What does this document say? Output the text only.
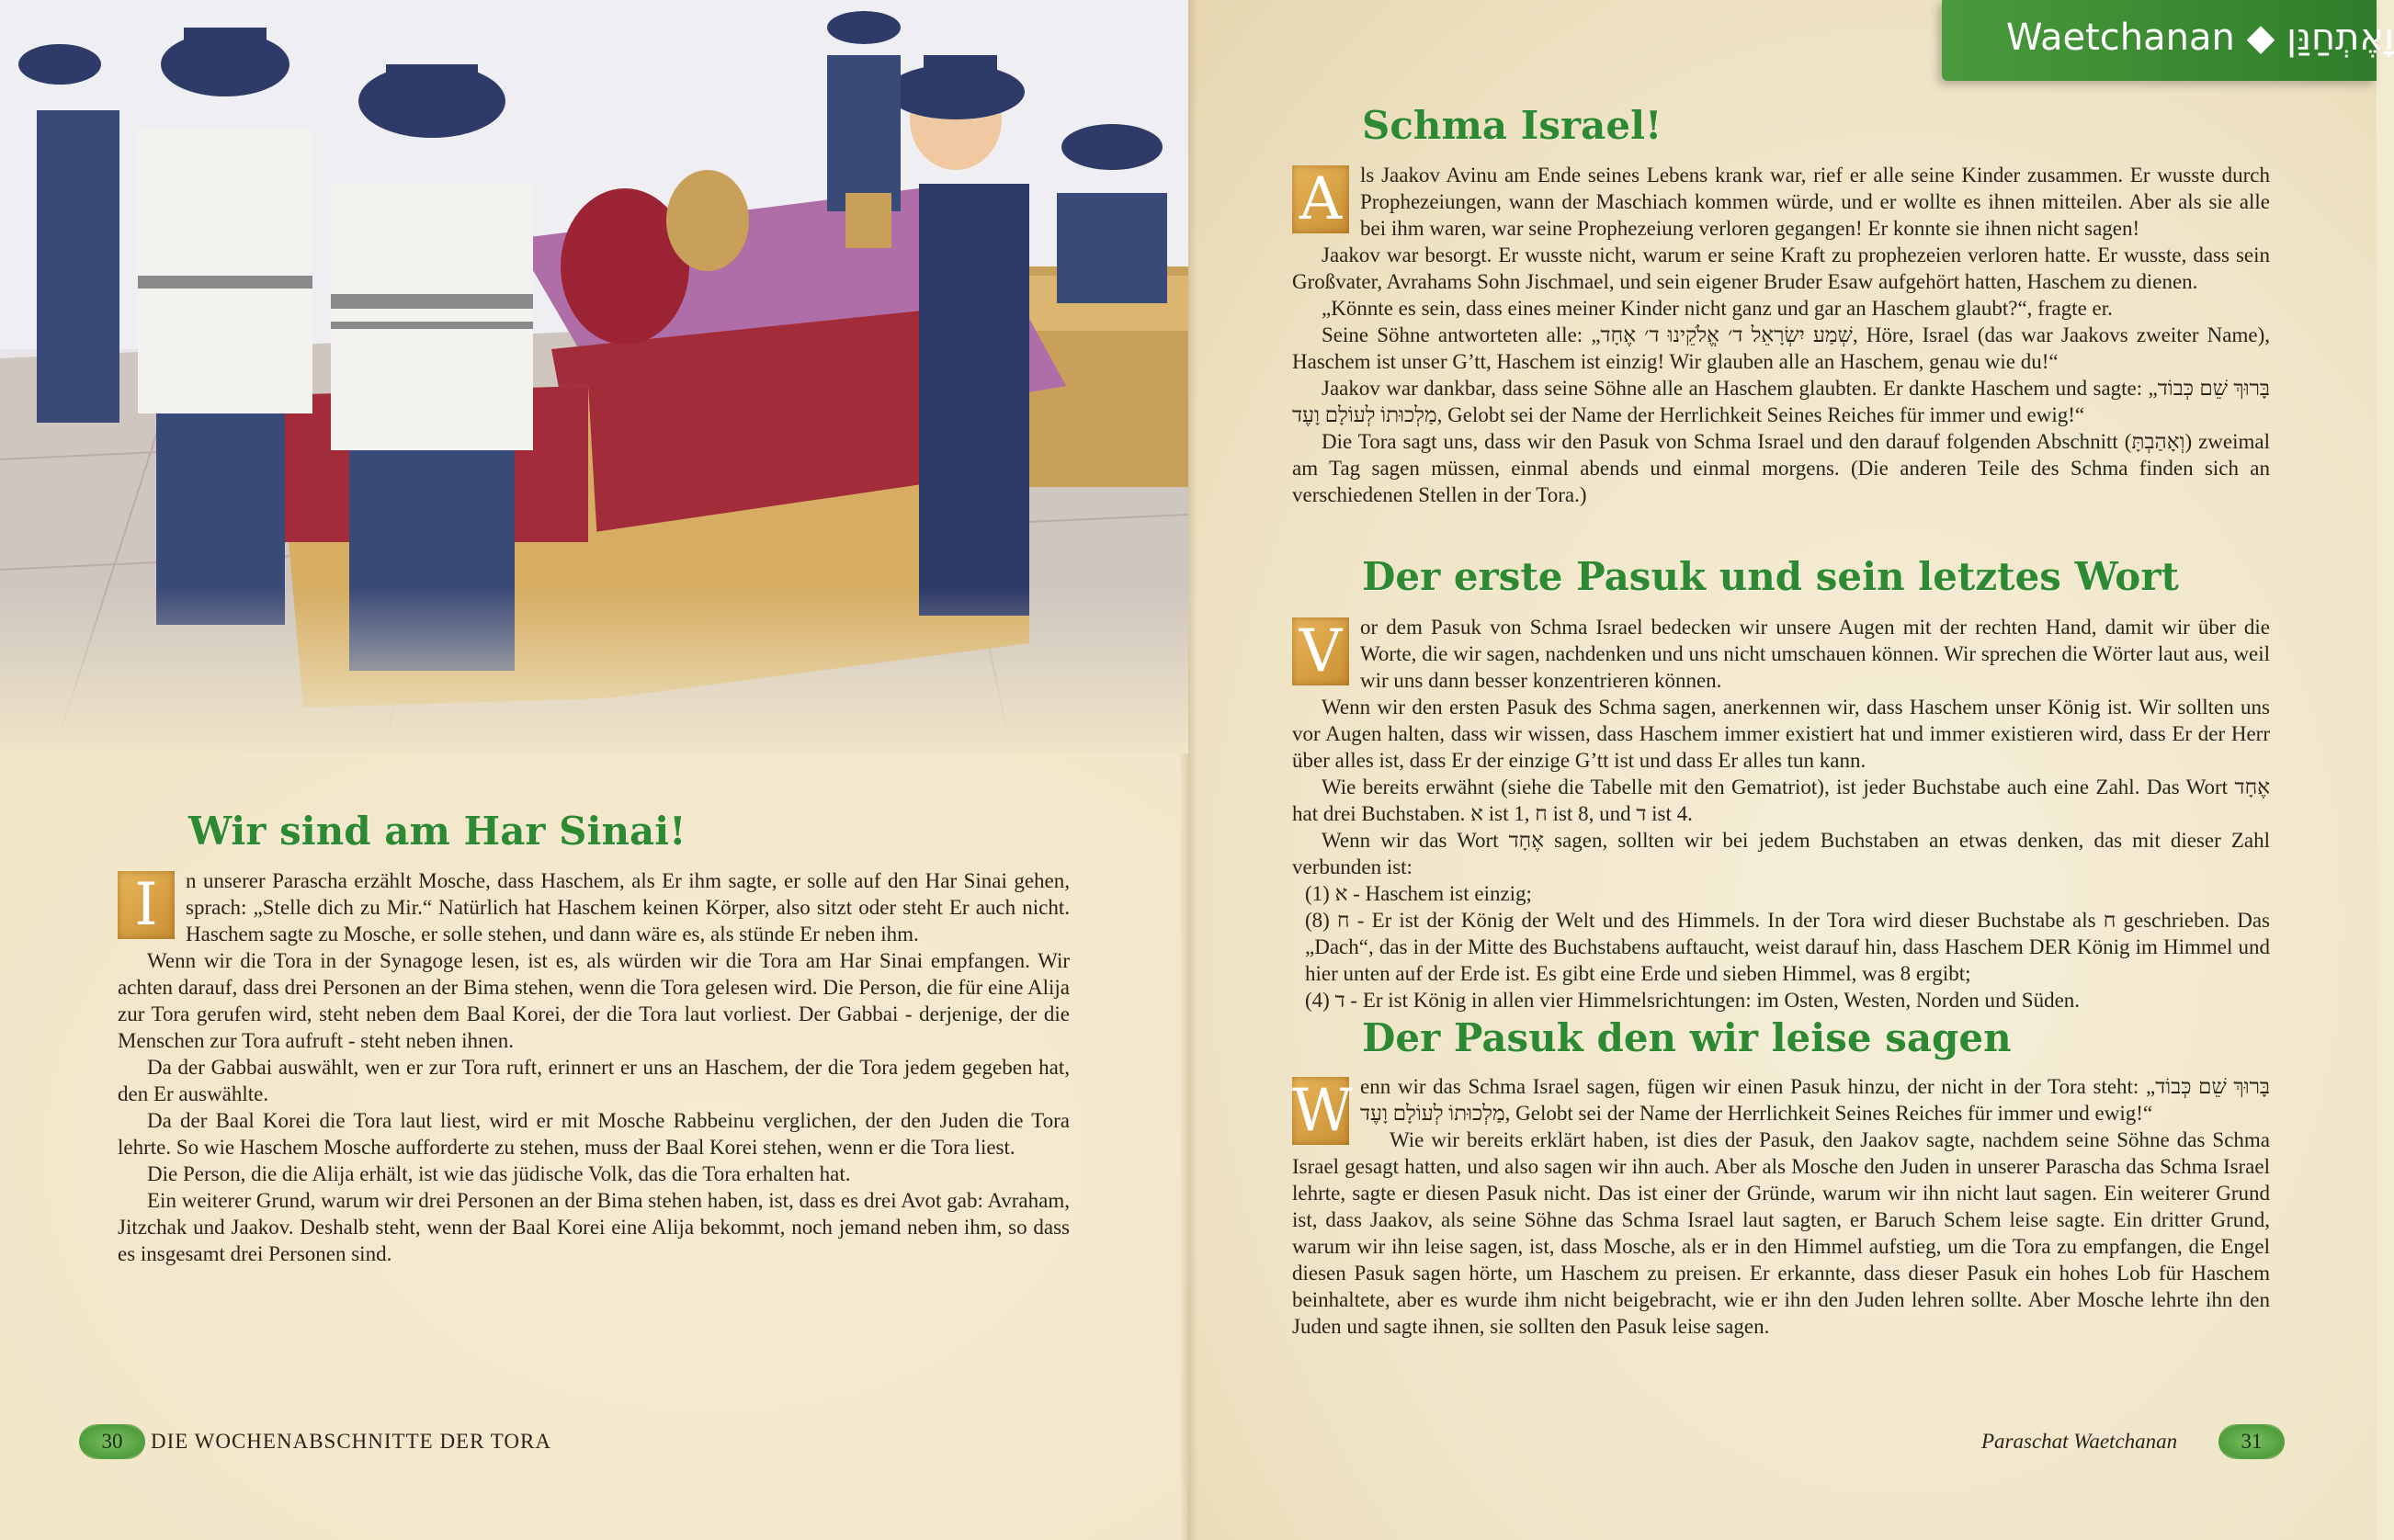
Waetchanan ◆ וָאֶתְחַנַּן
Wir sind am Har Sinai!
I	n unserer Parascha erzählt Mosche, dass Haschem, als Er ihm sagte, er solle auf den Har Sinai gehen, sprach: „Stelle dich zu Mir.“ Natürlich hat Haschem keinen Körper, also sitzt oder steht Er auch nicht. Haschem sagte zu Mosche, er solle stehen, und dann wäre es, als stünde Er neben ihm.

Wenn wir die Tora in der Synagoge lesen, ist es, als würden wir die Tora am Har Sinai empfangen. Wir achten darauf, dass drei Personen an der Bima stehen, wenn die Tora gelesen wird. Die Person, die für eine Alija zur Tora gerufen wird, steht neben dem Baal Korei, der die Tora laut vorliest. Der Gabbai - derjenige, der die Menschen zur Tora aufruft - steht neben ihnen.

Da der Gabbai auswählt, wen er zur Tora ruft, erinnert er uns an Haschem, der die Tora jedem gegeben hat, den Er auswählte.

Da der Baal Korei die Tora laut liest, wird er mit Mosche Rabbeinu verglichen, der den Juden die Tora lehrte. So wie Haschem Mosche aufforderte zu stehen, muss der Baal Korei stehen, wenn er die Tora liest.

Die Person, die die Alija erhält, ist wie das jüdische Volk, das die Tora erhalten hat.

Ein weiterer Grund, warum wir drei Personen an der Bima stehen haben, ist, dass es drei Avot gab: Avraham, Jitzchak und Jaakov. Deshalb steht, wenn der Baal Korei eine Alija bekommt, noch jemand neben ihm, so dass es insgesamt drei Personen sind.

30	DIE WOCHENABSCHNITTE DER TORA
Schma Israel!
A ls Jaakov Avinu am Ende seines Lebens krank war, rief er alle seine Kinder zusammen. Er wusste durch Prophezeiungen, wann der Maschiach kommen würde, und er wollte es ihnen mitteilen. Aber als sie alle bei ihm waren, war seine Prophezeiung verloren gegangen! Er konnte sie ihnen nicht sagen!

Jaakov war besorgt. Er wusste nicht, warum er seine Kraft zu prophezeien verloren hatte. Er wusste, dass sein Großvater, Avrahams Sohn Jischmael, und sein eigener Bruder Esaw aufgehört hatten, Haschem zu dienen.

„Könnte es sein, dass eines meiner Kinder nicht ganz und gar an Haschem glaubt?“, fragte er.

Seine Söhne antworteten alle: „שְׁמַע יִשְׂרָאֵל ד׳ אֱלֹקֵינוּ ד׳ אֶחָד, Höre, Israel (das war Jaakovs zweiter Name), Haschem ist unser G’tt, Haschem ist einzig! Wir glauben alle an Haschem, genau wie du!“

Jaakov war dankbar, dass seine Söhne alle an Haschem glaubten. Er dankte Haschem und sagte: „בָּרוּךְ שֵׁם כְּבוֹד מַלְכוּתוֹ לְעוֹלָם וָעֶד, Gelobt sei der Name der Herrlichkeit Seines Reiches für immer und ewig!“

Die Tora sagt uns, dass wir den Pasuk von Schma Israel und den darauf folgenden Abschnitt (וְאָהַבְתָּ) zweimal am Tag sagen müssen, einmal abends und einmal morgens. (Die anderen Teile des Schma finden sich an verschiedenen Stellen in der Tora.)

Der erste Pasuk und sein letztes Wort
V or dem Pasuk von Schma Israel bedecken wir unsere Augen mit der rechten Hand, damit wir über die Worte, die wir sagen, nachdenken und uns nicht umschauen können. Wir sprechen die Wörter laut aus, weil wir uns dann besser konzentrieren können.

Wenn wir den ersten Pasuk des Schma sagen, anerkennen wir, dass Haschem unser König ist. Wir sollten uns vor Augen halten, dass wir wissen, dass Haschem immer existiert hat und immer existieren wird, dass Er der Herr über alles ist, dass Er der einzige G’tt ist und dass Er alles tun kann.

Wie bereits erwähnt (siehe die Tabelle mit den Gematriot), ist jeder Buchstabe auch eine Zahl. Das Wort אֶחָד hat drei Buchstaben. א ist 1, ח ist 8, und ד ist 4.

Wenn wir das Wort אֶחָד sagen, sollten wir bei jedem Buchstaben an etwas denken, das mit dieser Zahl verbunden ist:

א (1) - Haschem ist einzig;

ח (8) - Er ist der König der Welt und des Himmels. In der Tora wird dieser Buchstabe als ח geschrieben. Das „Dach“, das in der Mitte des Buchstabens auftaucht, weist darauf hin, dass Haschem DER König im Himmel und hier unten auf der Erde ist. Es gibt eine Erde und sieben Himmel, was 8 ergibt;

ד (4) - Er ist König in allen vier Himmelsrichtungen: im Osten, Westen, Norden und Süden.

Der Pasuk den wir leise sagen
W enn wir das Schma Israel sagen, fügen wir einen Pasuk hinzu, der nicht in der Tora steht: „בָּרוּךְ שֵׁם כְּבוֹד מַלְכוּתוֹ לְעוֹלָם וָעֶד, Gelobt sei der Name der Herrlichkeit Seines Reiches für immer und ewig!“

Wie wir bereits erklärt haben, ist dies der Pasuk, den Jaakov sagte, nachdem seine Söhne das Schma Israel gesagt hatten, und also sagen wir ihn auch. Aber als Mosche den Juden in unserer Parascha das Schma Israel lehrte, sagte er diesen Pasuk nicht. Das ist einer der Gründe, warum wir ihn nicht laut sagen. Ein weiterer Grund ist, dass Jaakov, als seine Söhne das Schma Israel laut sagten, er Baruch Schem leise sagte. Ein dritter Grund, warum wir ihn leise sagen, ist, dass Mosche, als er in den Himmel aufstieg, um die Tora zu empfangen, die Engel diesen Pasuk sagen hörte, um Haschem zu preisen. Er erkannte, dass dieser Pasuk ein hohes Lob für Haschem beinhaltete, aber es wurde ihm nicht beigebracht, wie er ihn den Juden lehren sollte. Aber Mosche lehrte ihn den Juden und sagte ihnen, sie sollten den Pasuk leise sagen.

Paraschat Waetchanan	31
